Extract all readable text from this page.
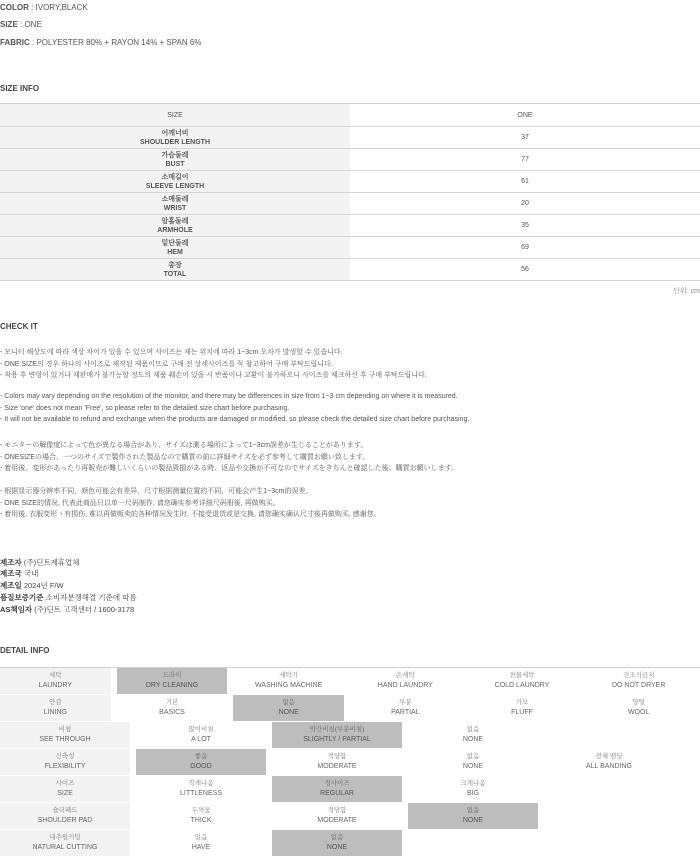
COLOR : IVORY,BLACK
SIZE : ONE
FABRIC : POLYESTER 80% + RAYON 14% + SPAN 6%
SIZE INFO
SIZE	ONE
어깨너비
SHOULDER LENGTH
37
가슴둘레
BUST
77
소매길이
SLEEVE LENGTH
61
소매둘레
WRIST
20
암홀둘레
ARMHOLE
35
밑단둘레
HEM
69
총장
TOTAL
56
단위: cm
CHECK IT
- 모니터 해상도에 따라 색상 차이가 있을 수 있으며 사이즈는 재는 위치에 따라 1~3cm 오차가 발생할 수 있습니다.
- ONE SIZE의 경우 하나의 사이즈로 제작된 제품이므로 구매 전 상세사이즈를 꼭 참고하여 구매 부탁드립니다.
- 착용 후 변형이 있거나 재판매가 불가능할 정도의 제품 훼손이 있을 시 반품이나 교환이 불가하오니 사이즈를 체크하신 후 구매 부탁드립니다.
- Colors may vary depending on the resolution of the monitor, and there may be differences in size from 1~3 cm depending on where it is measured.
- Size 'one' does not mean 'Free', so please refer to the detailed size chart before purchasing.
- It will not be available to refund and exchange when the products are damaged or modified, so please check the detailed size chart before purchasing.
- モニターの解像度によって色が異なる場合があり、サイズは測る場所によって1~3cm誤差が生じることがあります。
- ONESIZEの場合、一つのサイズで製作された製品なので購買の前に詳細サイズを必ず参考して購買お願い致します。
- 着用後、変形があったり再販売が難しいくらいの製品毀損がある時、返品や交換が不可なのでサイズをきちんと確認した後、購買お願いします。
- 根据显示器分辨率不同，颜色可能会有差异，尺寸根据测量位置的不同，可能会产生1~3cm的误差。
- ONE SIZE的情况, 代表此商品只以单一尺码制作, 请您确实参考详细尺码册後, 再做购买。
- 着用後, 衣服变形丶有损伤, 难以再做贩卖的各种情况发生时, 不接受退货或是交换, 请您确实确认尺寸後再做购买, 感谢您。
제조자 (주)딘트제휴업체
제조국 국내
제조일 2024년 F/W
품질보증기준 소비자분쟁해결 기준에 따름
AS책임자 (주)딘트 고객센터 / 1600-3178
DETAIL INFO
세탁
LAUNDRY
드라이
DRY CLEANING
세탁기
WASHING MACHINE
손세탁
HAND LAUNDRY
찬물세탁
COLD LAUNDRY
건조기금지
DO NOT DRYER
안감
LINING
기본
BASICS
없음
NONE
부분
PARTIAL
기모
FLUFF
양털
WOOL
비침
SEE THROUGH
많이비침
A LOT
약간비침(부분비침)
SLIGHTLY / PARTIAL
없음
NONE
신축성
FLEXIBILITY
좋음
GOOD
적당함
MODERATE
없음
NONE
전체 밴딩
ALL BANDING
사이즈
SIZE
작게나옴
LITTLENESS
정사이즈
REGULAR
크게나옴
BIG
숄더패드
SHOULDER PAD
두꺼움
THICK
적당함
MODERATE
없음
NONE
내추럴커팅
NATURAL CUTTING
있음
HAVE
없음
NONE
